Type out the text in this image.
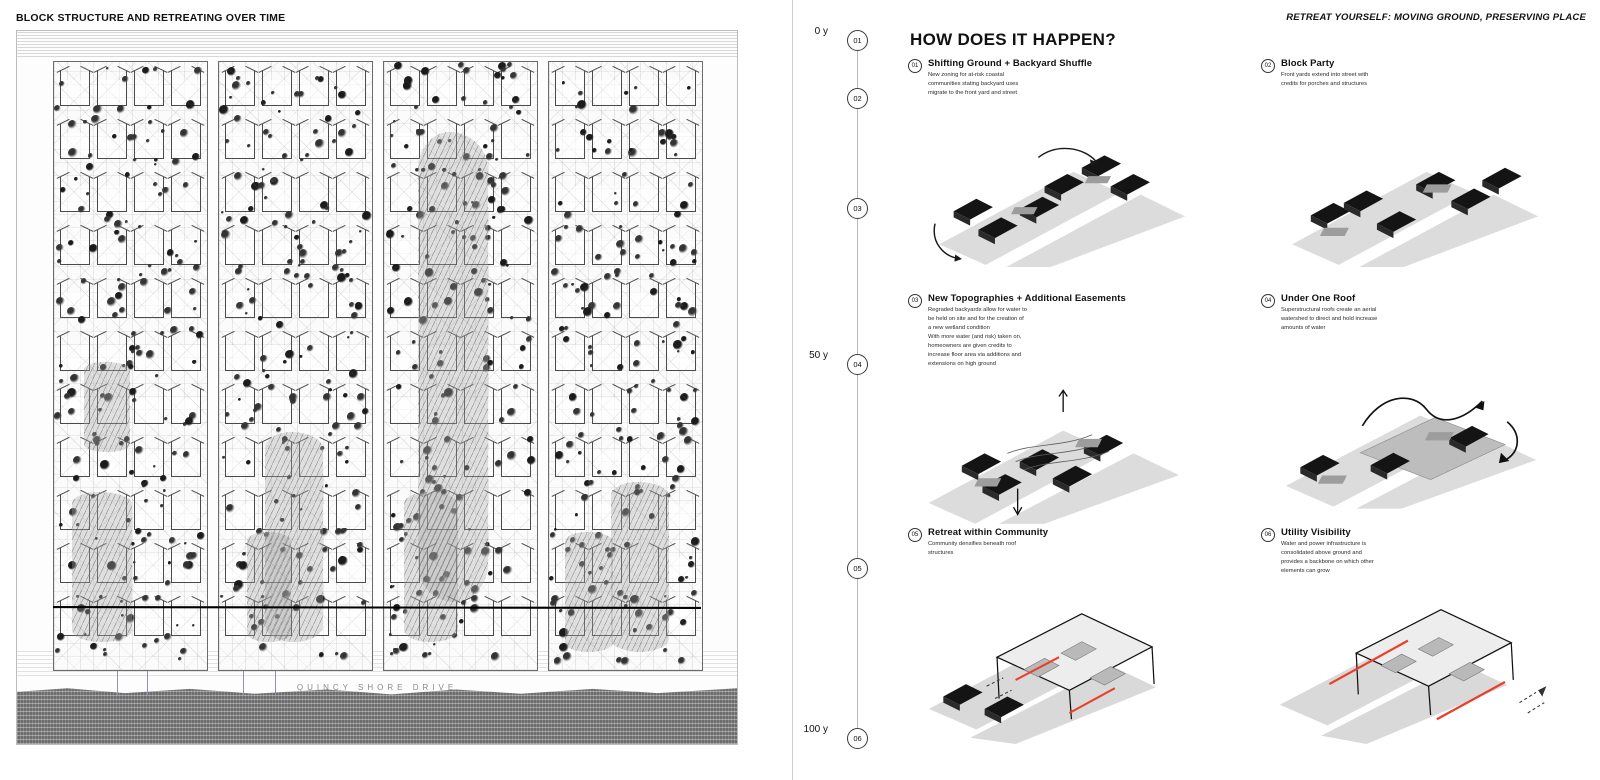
BLOCK STRUCTURE AND RETREATING OVER TIME
QUINCY SHORE DRIVE
0 y
50 y
100 y
01
02
03
04
05
06
RETREAT YOURSELF: MOVING GROUND, PRESERVING PLACE
HOW DOES IT HAPPEN?
01	Shifting Ground + Backyard Shuffle
New zoning for at-risk coastal
communities stating backyard uses
migrate to the front yard and street
02	Block Party
Front yards extend into street with
credits for porches and structures
03	New Topographies + Additional Easements
Regraded backyards allow for water to
be held on site and for the creation of
a new wetland condition
With more water (and risk) taken on,
homeowners are given credits to
increase floor area via additions and
extensions on high ground
04	Under One Roof
Superstructural roofs create an aerial
watershed to direct and hold increase
amounts of water
05	Retreat within Community
Community densifies beneath roof
structures
06	Utility Visibility
Water and power infrastructure is
consolidated above ground and
provides a backbone on which other
elements can grow
